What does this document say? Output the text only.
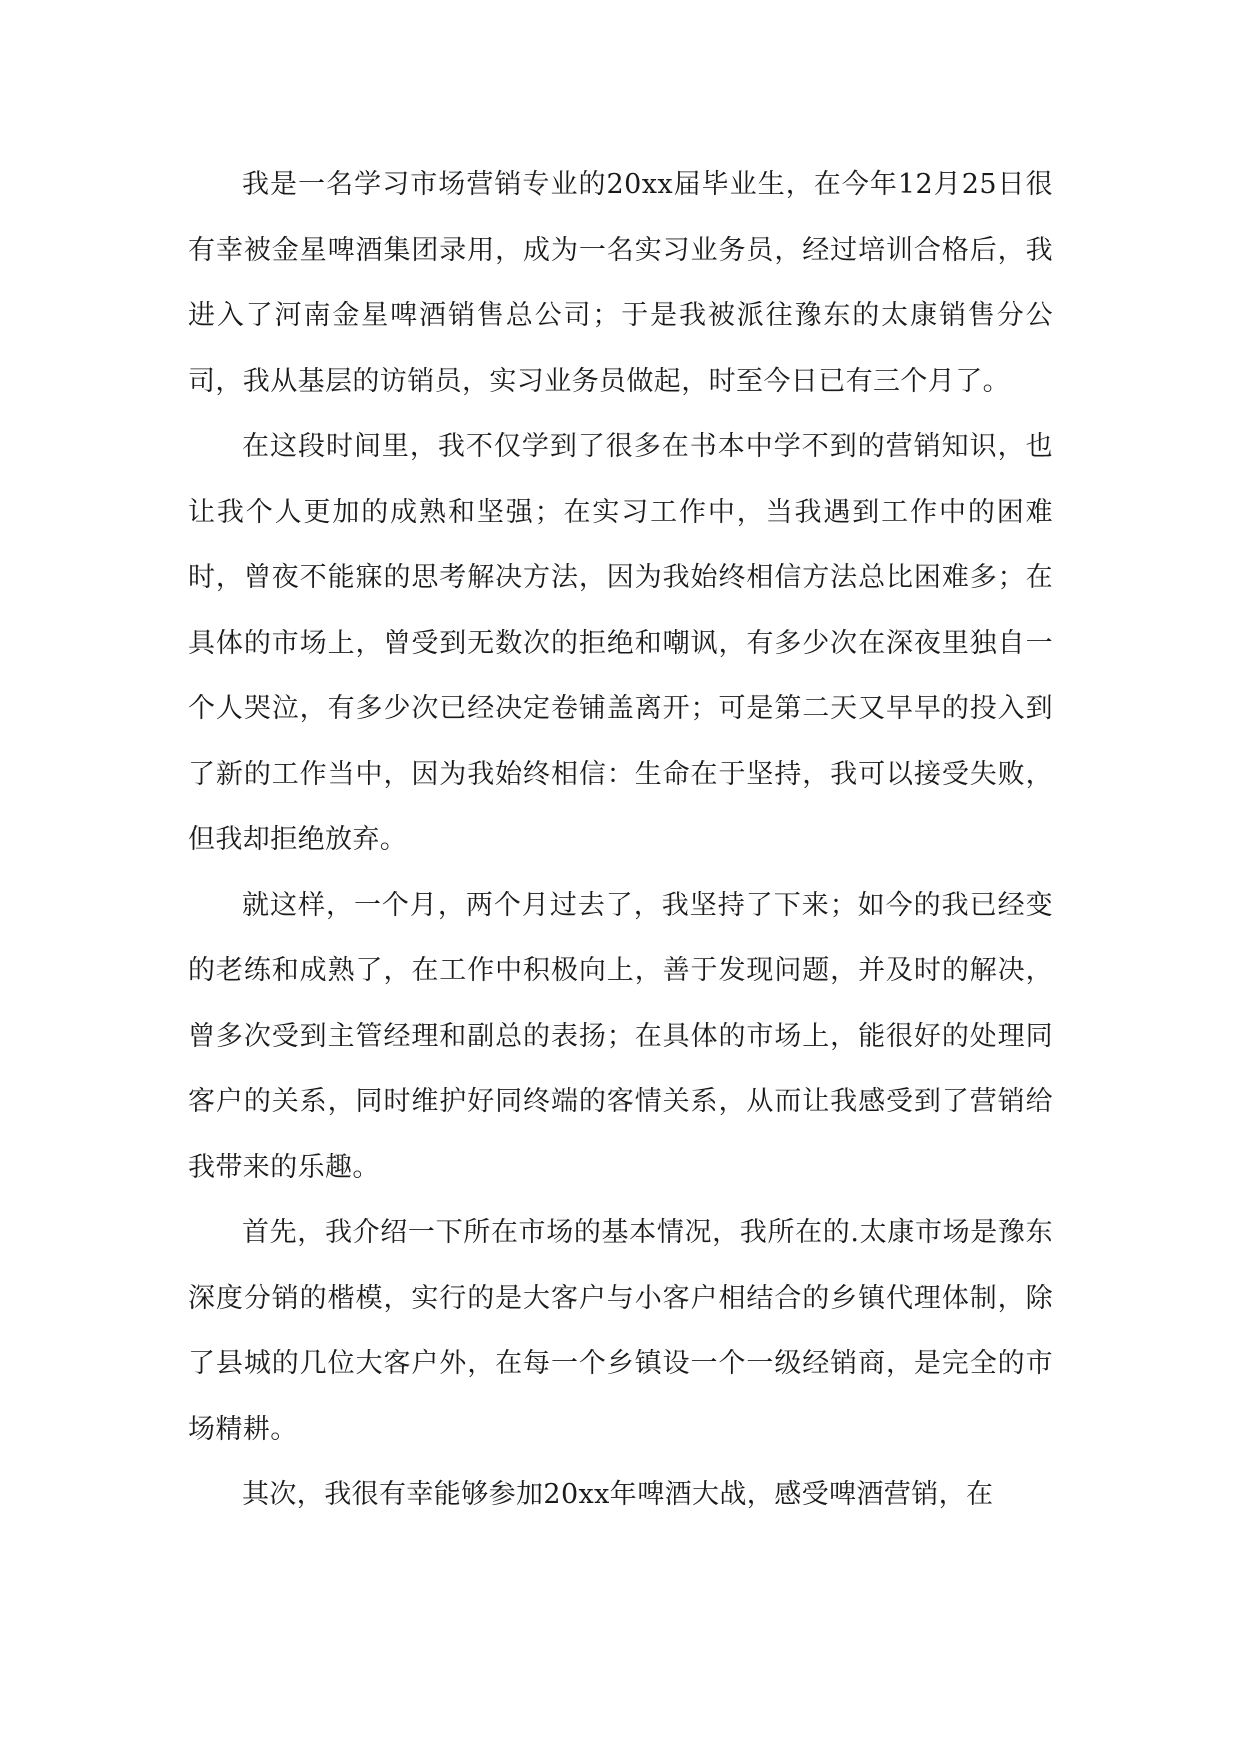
我是一名学习市场营销专业的20xx届毕业生，在今年12月25日很有幸被金星啤酒集团录用，成为一名实习业务员，经过培训合格后，我进入了河南金星啤酒销售总公司；于是我被派往豫东的太康销售分公司，我从基层的访销员，实习业务员做起，时至今日已有三个月了。

在这段时间里，我不仅学到了很多在书本中学不到的营销知识，也让我个人更加的成熟和坚强；在实习工作中，当我遇到工作中的困难时，曾夜不能寐的思考解决方法，因为我始终相信方法总比困难多；在具体的市场上，曾受到无数次的拒绝和嘲讽，有多少次在深夜里独自一个人哭泣，有多少次已经决定卷铺盖离开；可是第二天又早早的投入到了新的工作当中，因为我始终相信：生命在于坚持，我可以接受失败，但我却拒绝放弃。

就这样，一个月，两个月过去了，我坚持了下来；如今的我已经变的老练和成熟了，在工作中积极向上，善于发现问题，并及时的解决，曾多次受到主管经理和副总的表扬；在具体的市场上，能很好的处理同客户的关系，同时维护好同终端的客情关系，从而让我感受到了营销给我带来的乐趣。

首先，我介绍一下所在市场的基本情况，我所在的.太康市场是豫东深度分销的楷模，实行的是大客户与小客户相结合的乡镇代理体制，除了县城的几位大客户外，在每一个乡镇设一个一级经销商，是完全的市场精耕。

其次，我很有幸能够参加20xx年啤酒大战，感受啤酒营销，在
